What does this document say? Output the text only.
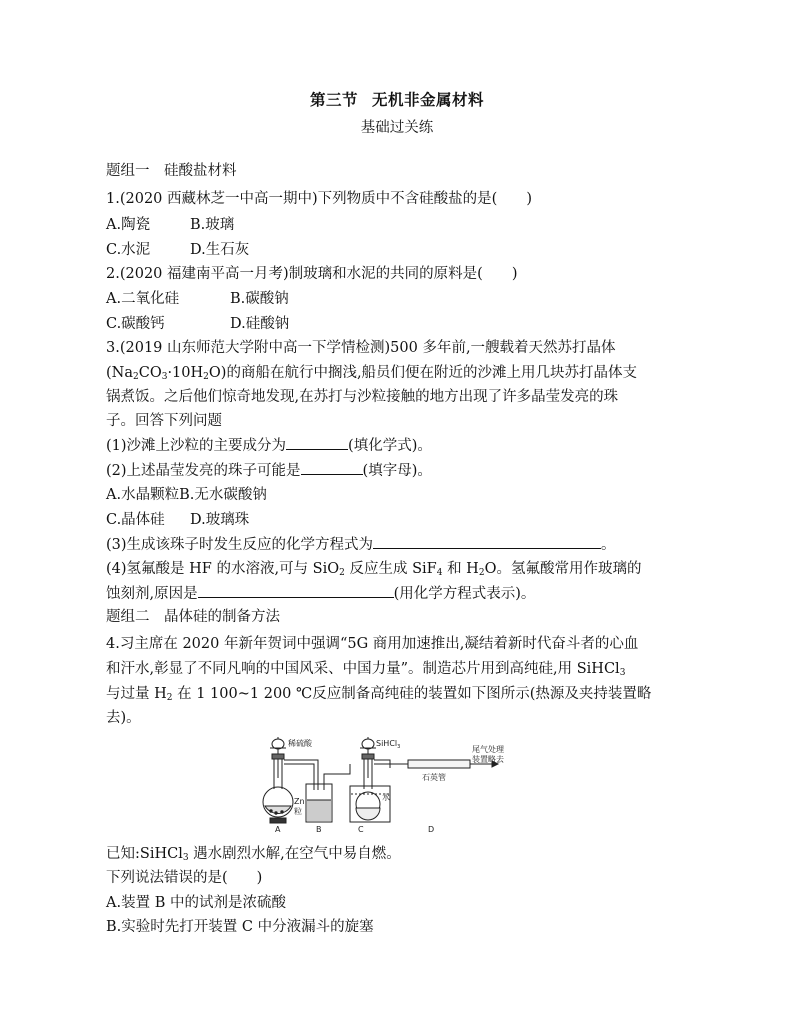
第三节 无机非金属材料
基础过关练
题组一　硅酸盐材料
1.(2020 西藏林芝一中高一期中)下列物质中不含硅酸盐的是(　　)
A.陶瓷	B.玻璃
C.水泥	D.生石灰
2.(2020 福建南平高一月考)制玻璃和水泥的共同的原料是(　　)
A.二氧化硅	B.碳酸钠
C.碳酸钙	D.硅酸钠
3.(2019 山东师范大学附中高一下学情检测)500 多年前,一艘载着天然苏打晶体
$(Na_2CO_3\cdot 10H_2O)$的商船在航行中搁浅,船员们便在附近的沙滩上用几块苏打晶体支
锅煮饭。之后他们惊奇地发现,在苏打与沙粒接触的地方出现了许多晶莹发亮的珠
子。回答下列问题
(1)沙滩上沙粒的主要成分为	(填化学式)。
(2)上述晶莹发亮的珠子可能是	(填字母)。
A.水晶颗粒B.无水碳酸钠
C.晶体硅 D.玻璃珠
(3)生成该珠子时发生反应的化学方程式为	。
(4)氢氟酸是 HF 的水溶液,可与 SiO$_2$ 反应生成 SiF$_4$ 和 $H_2O$。氢氟酸常用作玻璃的
蚀刻剂,原因是	(用化学方程式表示)。
题组二　晶体硅的制备方法
4.习主席在 2020 年新年贺词中强调“5G 商用加速推出,凝结着新时代奋斗者的心血
和汗水,彰显了不同凡响的中国风采、中国力量”。制造芯片用到高纯硅,用 SiHCl$_3$
与过量 $H_2$ 在 1 100~1 200 ℃反应制备高纯硅的装置如下图所示(热源及夹持装置略
去)。
稀硫酸	SiHCl$_3$
Zn
粒
水
石英管
尾气处理
装置略去
A	B	C	D
已知:SiHCl$_3$ 遇水剧烈水解,在空气中易自燃。
下列说法错误的是(　　)
A.装置 B 中的试剂是浓硫酸
B.实验时先打开装置 C 中分液漏斗的旋塞
